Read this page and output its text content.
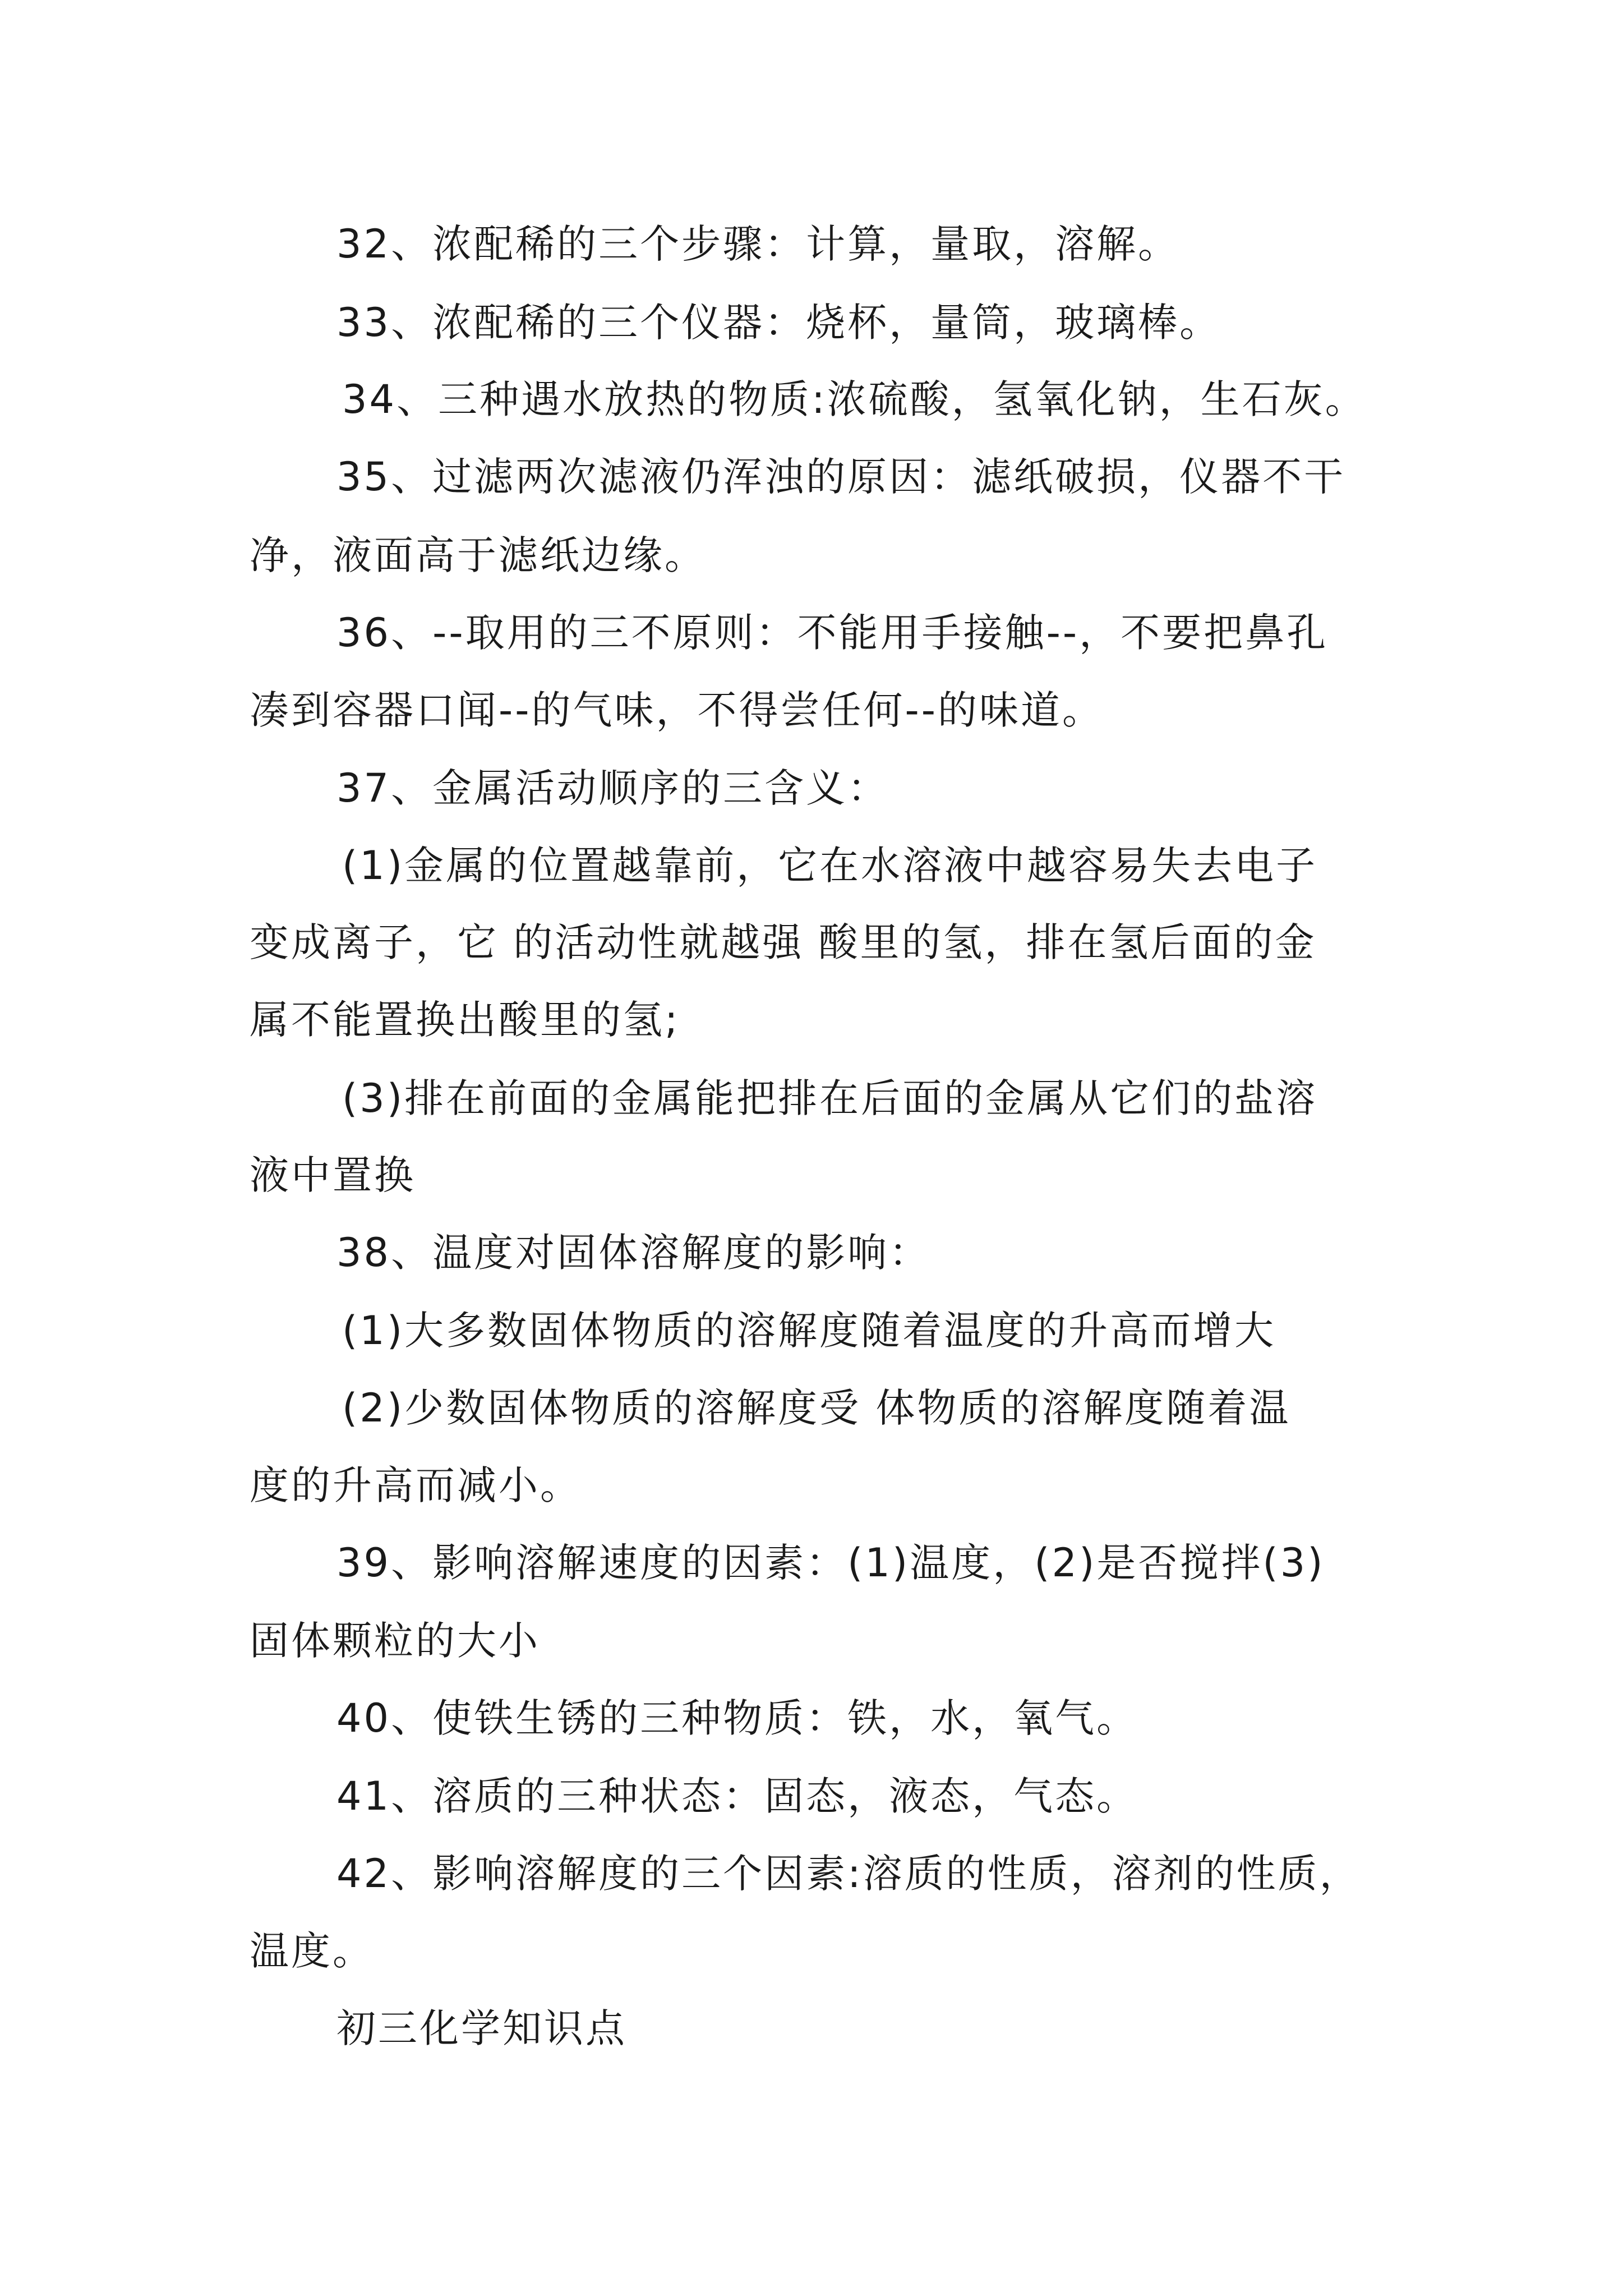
32、浓配稀的三个步骤：计算，量取，溶解。

33、浓配稀的三个仪器：烧杯，量筒，玻璃棒。

34、三种遇水放热的物质:浓硫酸，氢氧化钠，生石灰。

35、过滤两次滤液仍浑浊的原因：滤纸破损，仪器不干

净，液面高于滤纸边缘。

36、--取用的三不原则：不能用手接触--，不要把鼻孔

凑到容器口闻--的气味，不得尝任何--的味道。

37、金属活动顺序的三含义：

(1)金属的位置越靠前，它在水溶液中越容易失去电子

变成离子，它 的活动性就越强 酸里的氢，排在氢后面的金

属不能置换出酸里的氢;

(3)排在前面的金属能把排在后面的金属从它们的盐溶

液中置换

38、温度对固体溶解度的影响：

(1)大多数固体物质的溶解度随着温度的升高而增大

(2)少数固体物质的溶解度受 体物质的溶解度随着温

度的升高而减小。

39、影响溶解速度的因素：(1)温度，(2)是否搅拌(3)

固体颗粒的大小

40、使铁生锈的三种物质：铁，水，氧气。

41、溶质的三种状态：固态，液态，气态。

42、影响溶解度的三个因素:溶质的性质，溶剂的性质，

温度。

初三化学知识点
